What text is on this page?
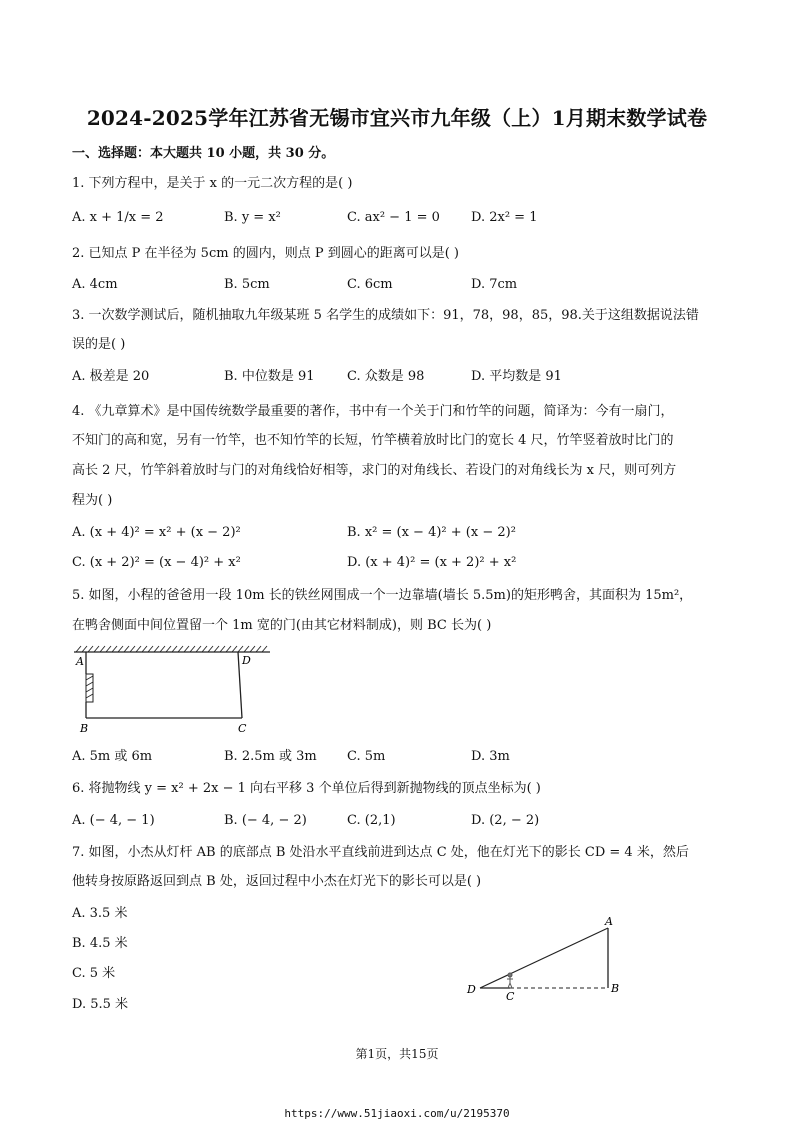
2024-2025学年江苏省无锡市宜兴市九年级（上）1月期末数学试卷
一、选择题：本大题共 10 小题，共 30 分。
1. 下列方程中，是关于 x 的一元二次方程的是( )
A. x + 1/x = 2	B. y = x²	C. ax² − 1 = 0 D. 2x² = 1
2. 已知点 P 在半径为 5cm 的圆内，则点 P 到圆心的距离可以是( )
A. 4cm	B. 5cm	C. 6cm	D. 7cm
3. 一次数学测试后，随机抽取九年级某班 5 名学生的成绩如下：91，78，98，85，98.关于这组数据说法错
误的是( )
A. 极差是 20	B. 中位数是 91	C. 众数是 98	D. 平均数是 91
4. 《九章算术》是中国传统数学最重要的著作，书中有一个关于门和竹竿的问题，简译为：今有一扇门，
不知门的高和宽，另有一竹竿，也不知竹竿的长短，竹竿横着放时比门的宽长 4 尺，竹竿竖着放时比门的
高长 2 尺，竹竿斜着放时与门的对角线恰好相等，求门的对角线长、若设门的对角线长为 x 尺，则可列方
程为( )
A. (x + 4)² = x² + (x − 2)²	B. x² = (x − 4)² + (x − 2)²
C. (x + 2)² = (x − 4)² + x²	D. (x + 4)² = (x + 2)² + x²
5. 如图，小程的爸爸用一段 10m 长的铁丝网围成一个一边靠墙(墙长 5.5m)的矩形鸭舍，其面积为 15m²，
在鸭舍侧面中间位置留一个 1m 宽的门(由其它材料制成)，则 BC 长为( )
A
B	C
D
A. 5m 或 6m	B. 2.5m 或 3m C. 5m	D. 3m
6. 将抛物线 y = x² + 2x − 1 向右平移 3 个单位后得到新抛物线的顶点坐标为( )
A. (− 4, − 1)	B. (− 4, − 2)	C. (2,1)	D. (2, − 2)
7. 如图，小杰从灯杆 AB 的底部点 B 处沿水平直线前进到达点 C 处，他在灯光下的影长 CD = 4 米，然后
他转身按原路返回到点 B 处，返回过程中小杰在灯光下的影长可以是( )
A. 3.5 米
B. 4.5 米
C. 5 米
D. 5.5 米
A
B
C
D
第1页，共15页
https://www.51jiaoxi.com/u/2195370
